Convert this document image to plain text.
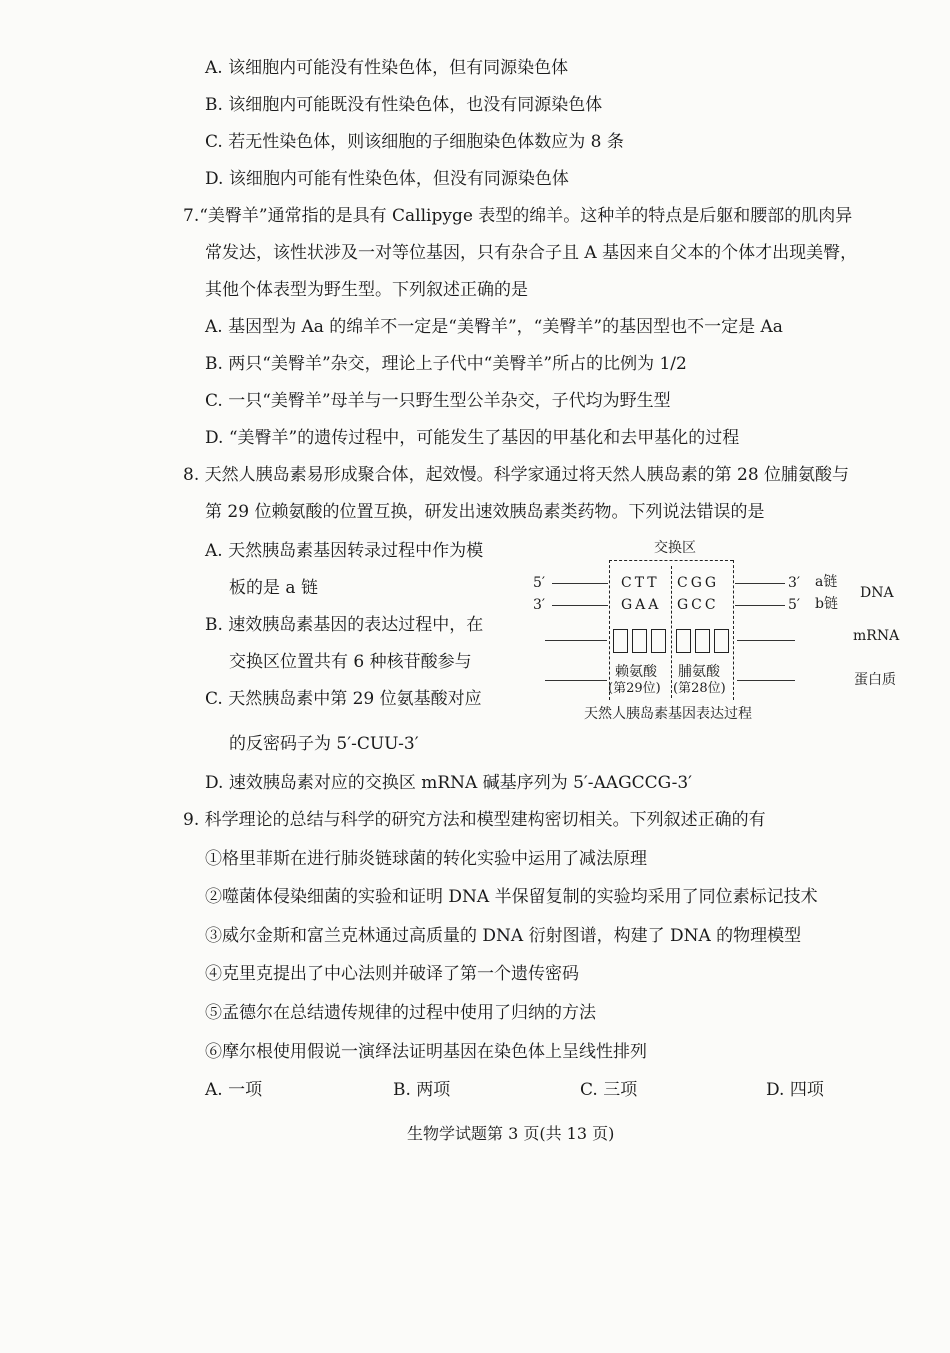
A. 该细胞内可能没有性染色体，但有同源染色体
B. 该细胞内可能既没有性染色体，也没有同源染色体
C. 若无性染色体，则该细胞的子细胞染色体数应为 8 条
D. 该细胞内可能有性染色体，但没有同源染色体
7.“美臀羊”通常指的是具有 Callipyge 表型的绵羊。这种羊的特点是后躯和腰部的肌肉异
常发达，该性状涉及一对等位基因，只有杂合子且 A 基因来自父本的个体才出现美臀，
其他个体表型为野生型。下列叙述正确的是
A. 基因型为 Aa 的绵羊不一定是“美臀羊”，“美臀羊”的基因型也不一定是 Aa
B. 两只“美臀羊”杂交，理论上子代中“美臀羊”所占的比例为 1/2
C. 一只“美臀羊”母羊与一只野生型公羊杂交，子代均为野生型
D. “美臀羊”的遗传过程中，可能发生了基因的甲基化和去甲基化的过程
8. 天然人胰岛素易形成聚合体，起效慢。科学家通过将天然人胰岛素的第 28 位脯氨酸与
第 29 位赖氨酸的位置互换，研发出速效胰岛素类药物。下列说法错误的是
A. 天然胰岛素基因转录过程中作为模
板的是 a 链
B. 速效胰岛素基因的表达过程中，在
交换区位置共有 6 种核苷酸参与
C. 天然胰岛素中第 29 位氨基酸对应
的反密码子为 5′-CUU-3′
D. 速效胰岛素对应的交换区 mRNA 碱基序列为 5′-AAGCCG-3′
交换区
5′	CTT CGG	3′ a链
3′	GAA GCC	5′ b链
DNA
mRNA
赖氨酸
(第29位)
脯氨酸
(第28位)
蛋白质
天然人胰岛素基因表达过程
9. 科学理论的总结与科学的研究方法和模型建构密切相关。下列叙述正确的有
①格里菲斯在进行肺炎链球菌的转化实验中运用了减法原理
②噬菌体侵染细菌的实验和证明 DNA 半保留复制的实验均采用了同位素标记技术
③威尔金斯和富兰克林通过高质量的 DNA 衍射图谱，构建了 DNA 的物理模型
④克里克提出了中心法则并破译了第一个遗传密码
⑤孟德尔在总结遗传规律的过程中使用了归纳的方法
⑥摩尔根使用假说一演绎法证明基因在染色体上呈线性排列
A. 一项	B. 两项	C. 三项	D. 四项
生物学试题第 3 页(共 13 页)
